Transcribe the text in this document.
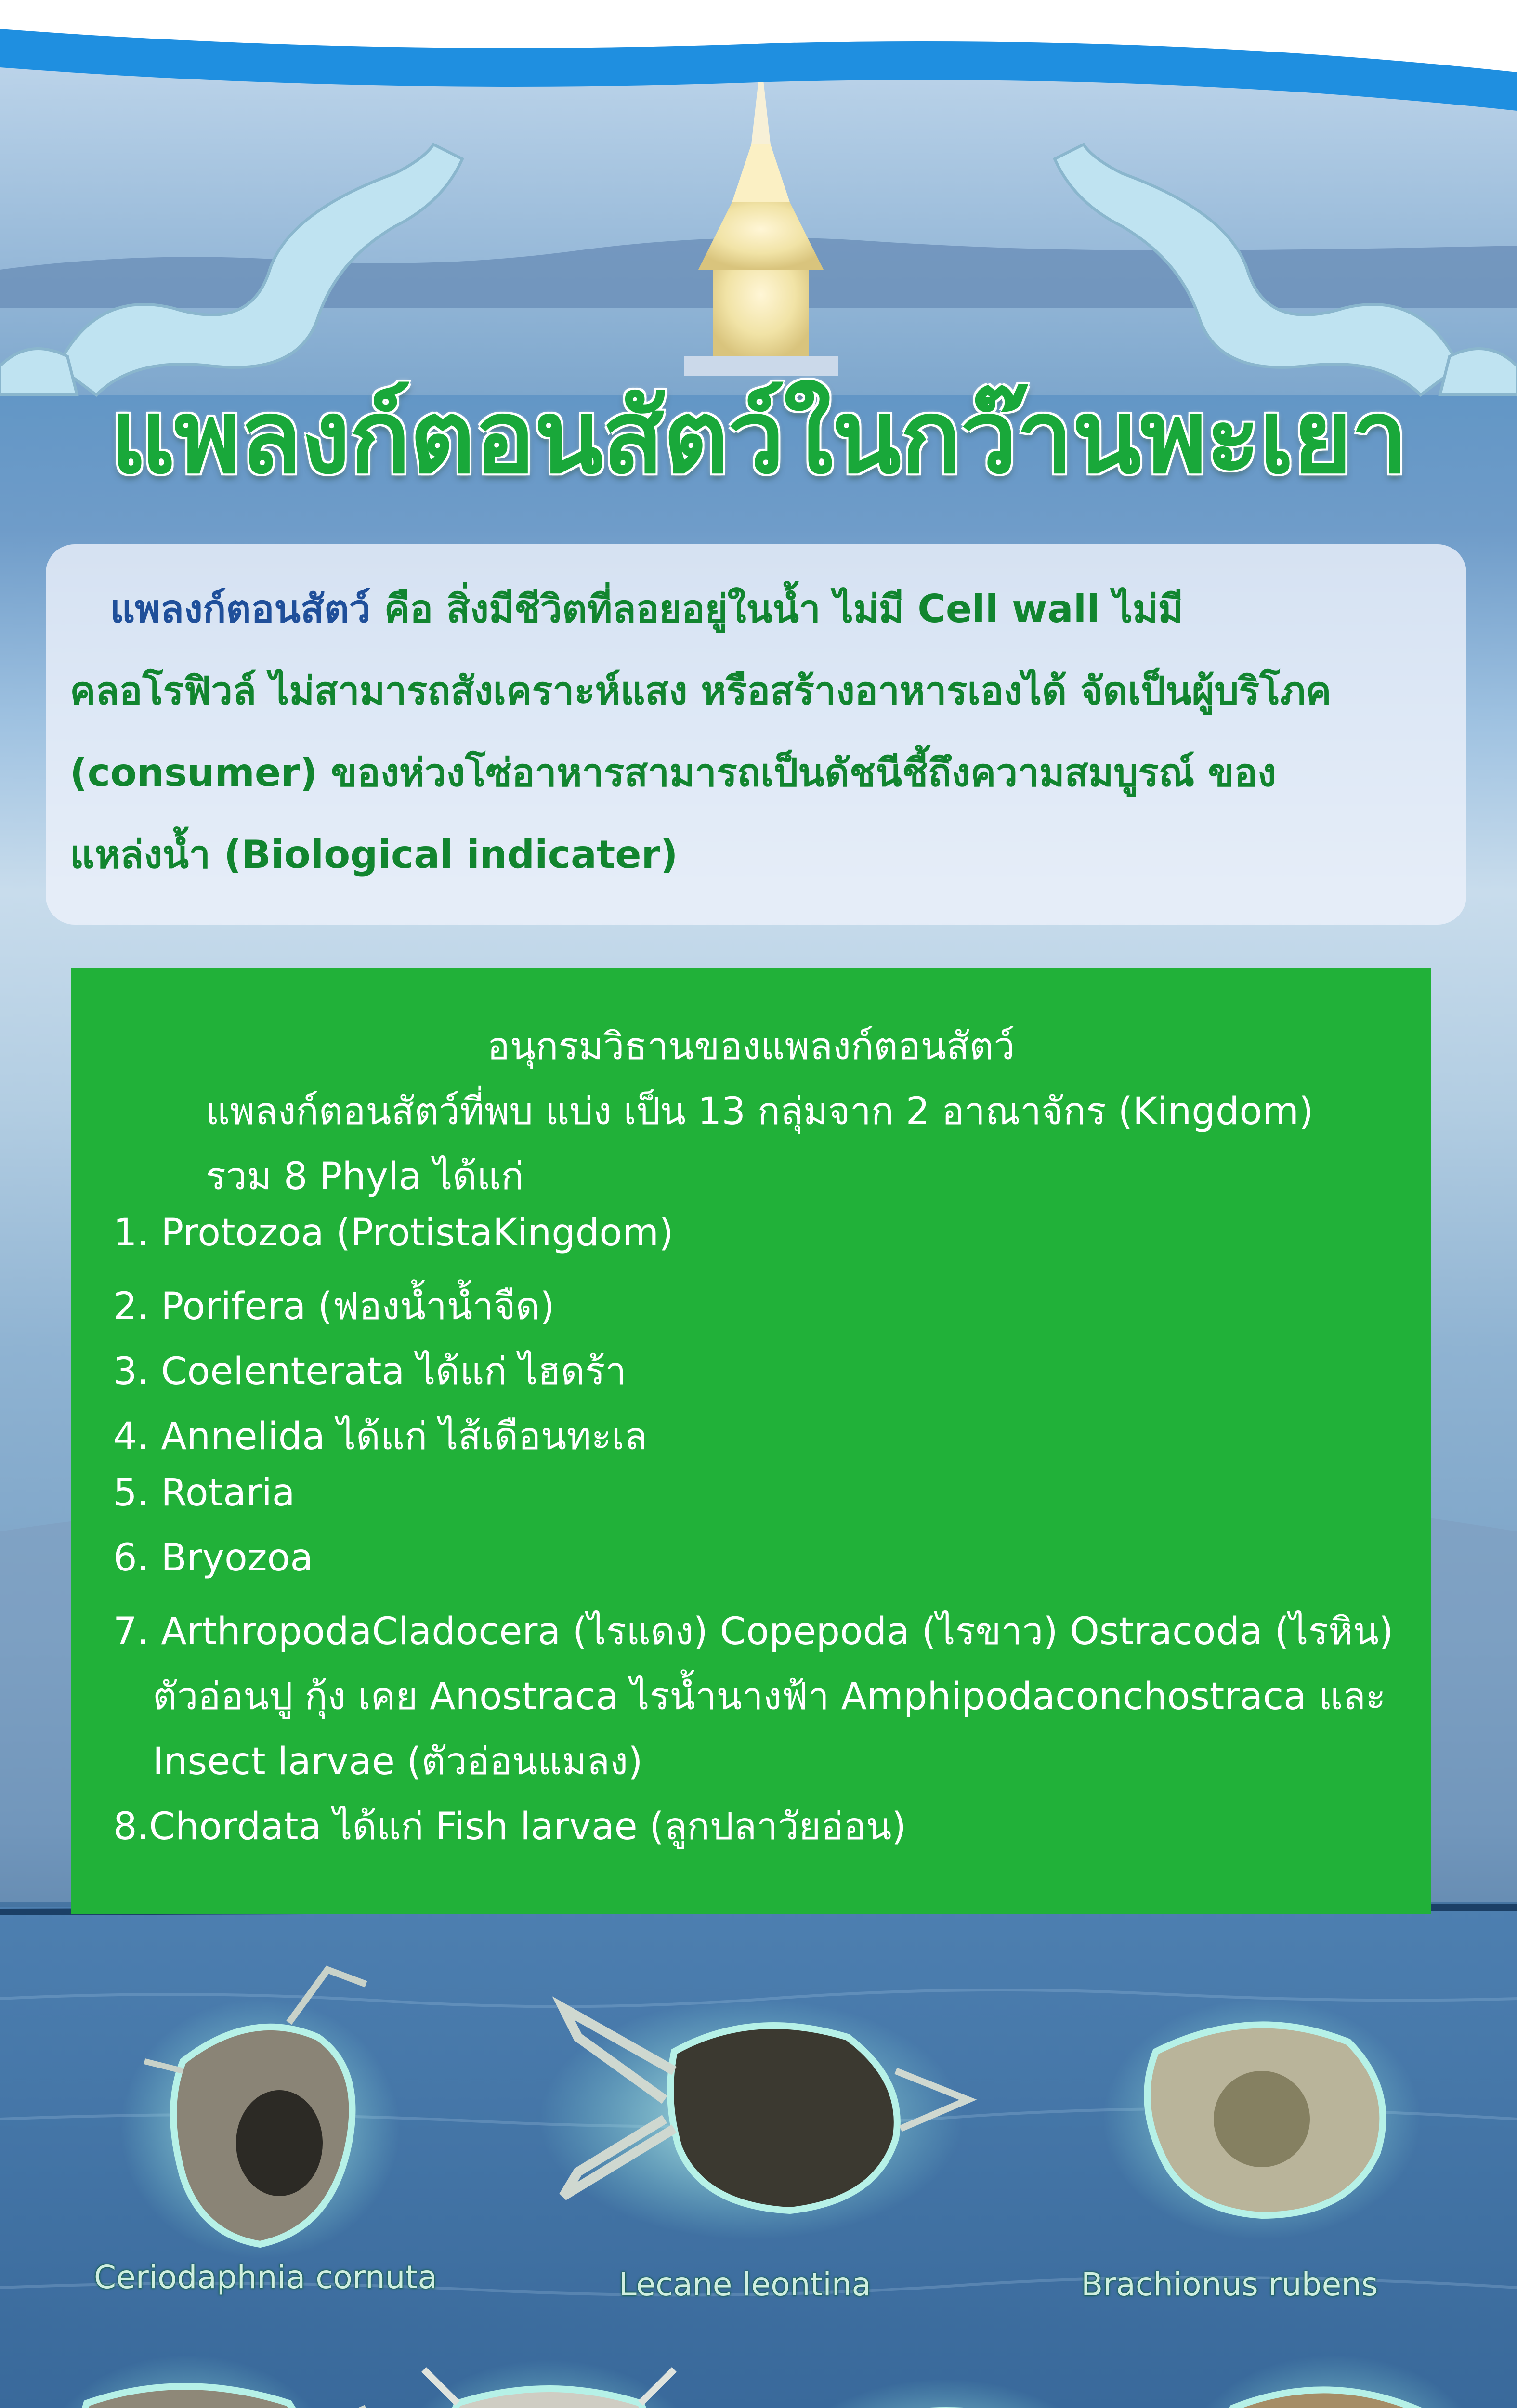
แพลงก์ตอนสัตว์ในกว๊านพะเยา

แพลงก์ตอนสัตว์ คือ สิ่งมีชีวิตที่ลอยอยู่ในน้ำ ไม่มี Cell wall ไม่มี

คลอโรฟิวล์ ไม่สามารถสังเคราะห์แสง หรือสร้างอาหารเองได้ จัดเป็นผู้บริโภค

(consumer) ของห่วงโซ่อาหารสามารถเป็นดัชนีชี้ถึงความสมบูรณ์ ของ

แหล่งน้ำ (Biological indicater)

อนุกรมวิธานของแพลงก์ตอนสัตว์
แพลงก์ตอนสัตว์ที่พบ แบ่ง เป็น 13 กลุ่มจาก 2 อาณาจักร (Kingdom)
รวม 8 Phyla ได้แก่
1. Protozoa (ProtistaKingdom)
2. Porifera (ฟองน้ำน้ำจืด)
3. Coelenterata ได้แก่ ไฮดร้า
4. Annelida ได้แก่ ไส้เดือนทะเล
5. Rotaria
6. Bryozoa
7. ArthropodaCladocera (ไรแดง) Copepoda (ไรขาว) Ostracoda (ไรหิน)
ตัวอ่อนปู กุ้ง เคย Anostraca ไรน้ำนางฟ้า Amphipodaconchostraca และ
Insect larvae (ตัวอ่อนแมลง)
8.Chordata ได้แก่ Fish larvae (ลูกปลาวัยอ่อน)
Ceriodaphnia cornuta	Lecane leontina	Brachionus rubens
